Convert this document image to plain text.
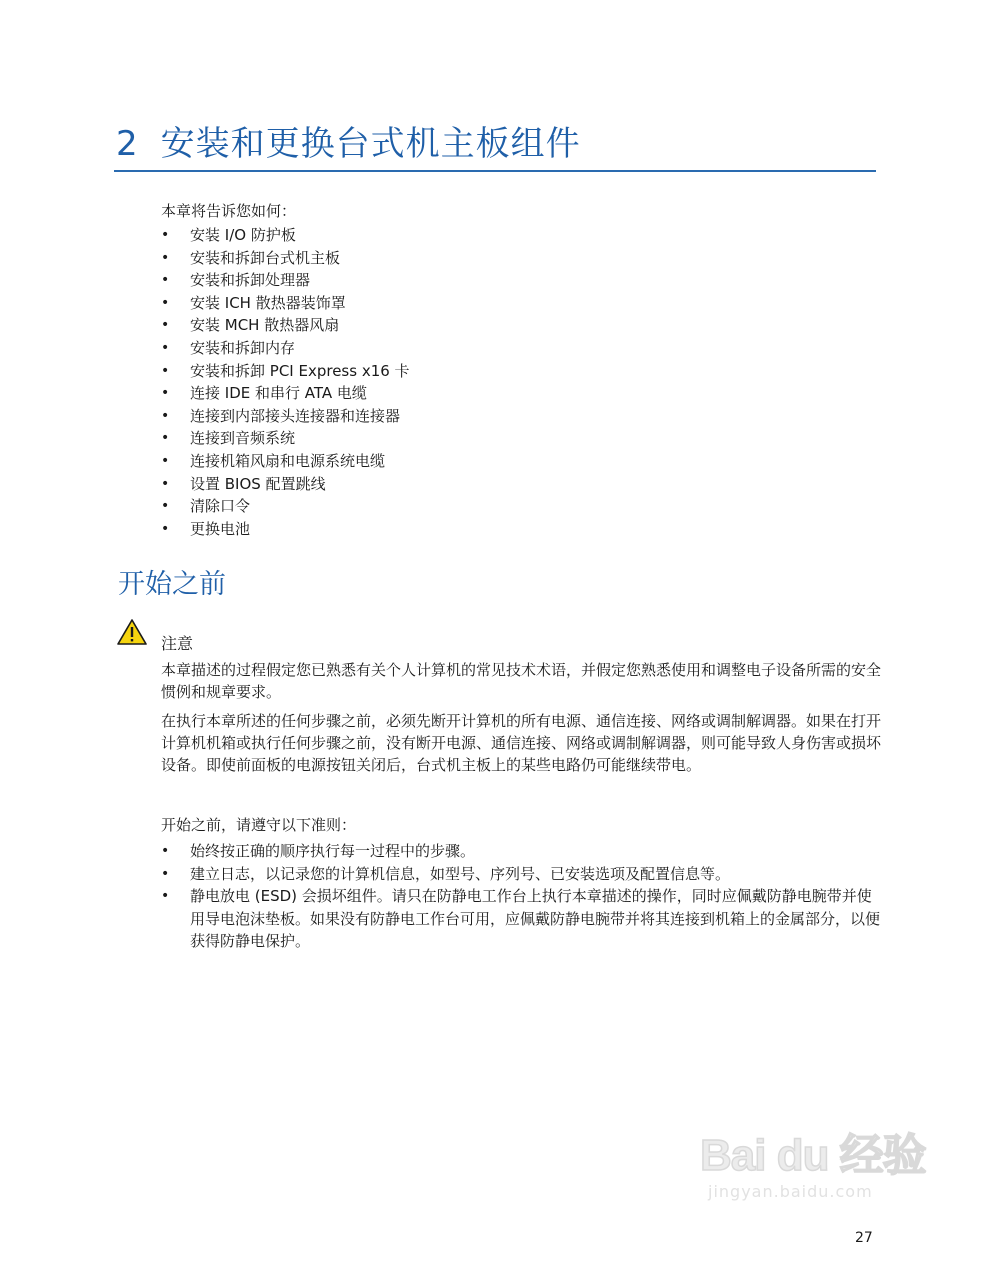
2 安装和更换台式机主板组件
本章将告诉您如何：
• 安装 I/O 防护板
• 安装和拆卸台式机主板
• 安装和拆卸处理器
• 安装 ICH 散热器装饰罩
• 安装 MCH 散热器风扇
• 安装和拆卸内存
• 安装和拆卸 PCI Express x16 卡
• 连接 IDE 和串行 ATA 电缆
• 连接到内部接头连接器和连接器
• 连接到音频系统
• 连接机箱风扇和电源系统电缆
• 设置 BIOS 配置跳线
• 清除口令
• 更换电池
开始之前
注意
本章描述的过程假定您已熟悉有关个人计算机的常见技术术语，并假定您熟悉使用和调整电子设备所需的安全惯例和规章要求。
在执行本章所述的任何步骤之前，必须先断开计算机的所有电源、通信连接、网络或调制解调器。如果在打开计算机机箱或执行任何步骤之前，没有断开电源、通信连接、网络或调制解调器，则可能导致人身伤害或损坏设备。即使前面板的电源按钮关闭后，台式机主板上的某些电路仍可能继续带电。
开始之前，请遵守以下准则：
• 始终按正确的顺序执行每一过程中的步骤。
• 建立日志，以记录您的计算机信息，如型号、序列号、已安装选项及配置信息等。
• 静电放电 (ESD) 会损坏组件。请只在防静电工作台上执行本章描述的操作，同时应佩戴防静电腕带并使用导电泡沫垫板。如果没有防静电工作台可用，应佩戴防静电腕带并将其连接到机箱上的金属部分，以便获得防静电保护。
Bai du 经验
jingyan.baidu.com
27
